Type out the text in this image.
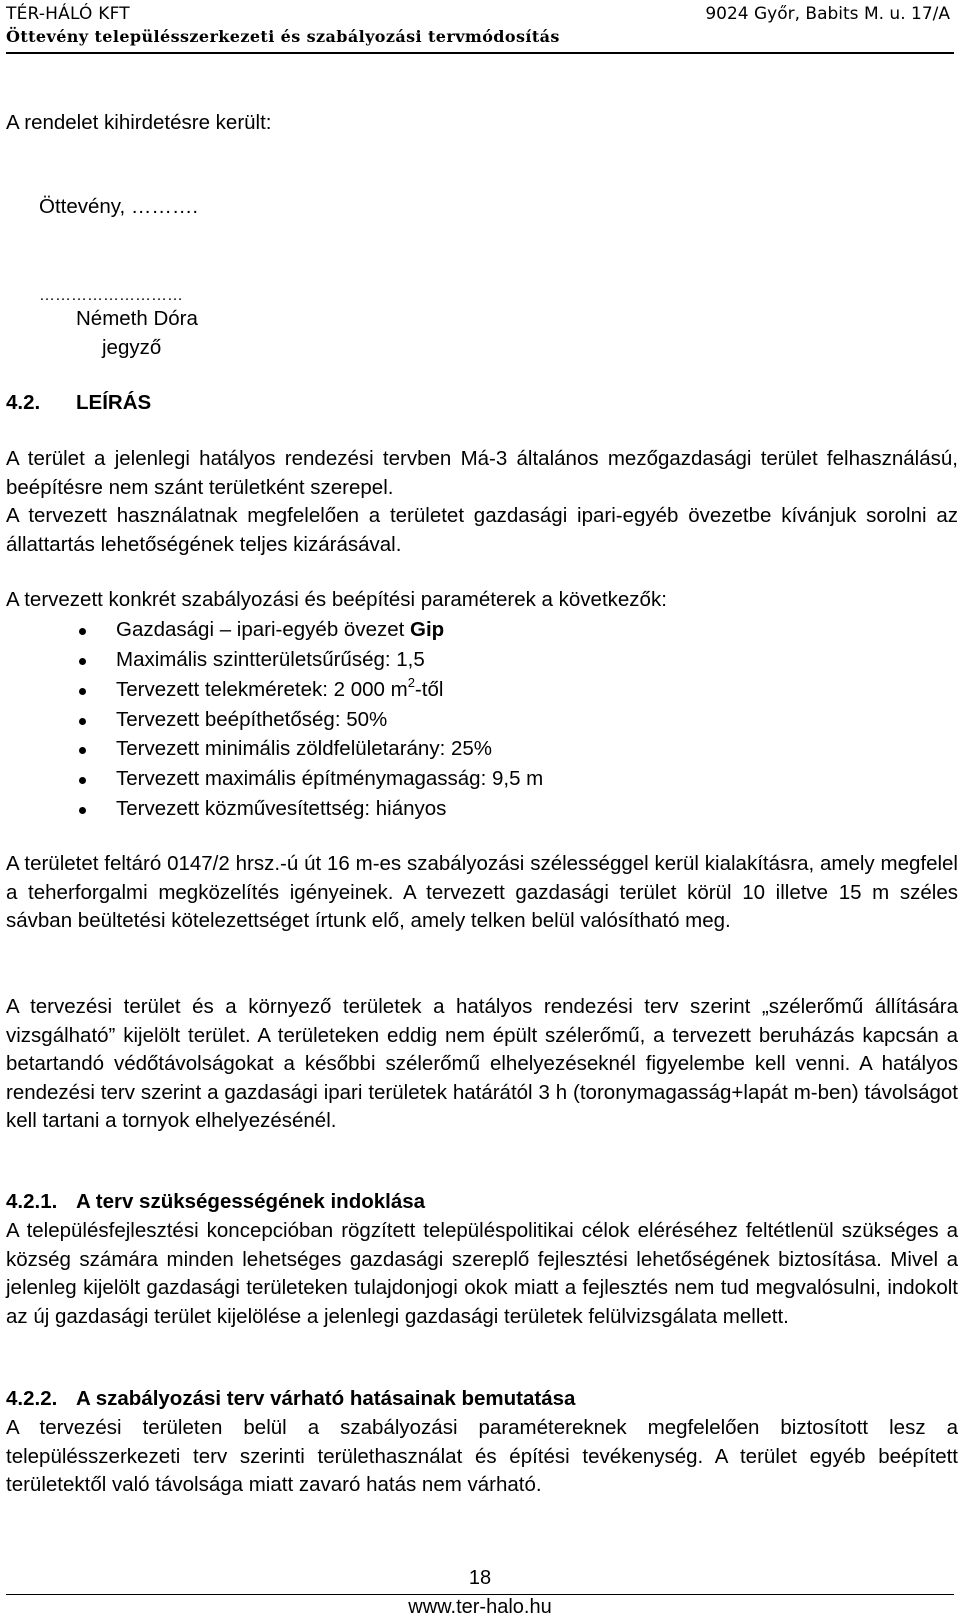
TÉR-HÁLÓ KFT	9024 Győr, Babits M. u. 17/A
Öttevény településszerkezeti és szabályozási tervmódosítás
A rendelet kihirdetésre került:
Öttevény, ……….
………………………
Németh Dóra
jegyző
4.2. LEÍRÁS
A terület a jelenlegi hatályos rendezési tervben Má-3 általános mezőgazdasági terület felhasználású, beépítésre nem szánt területként szerepel.
A tervezett használatnak megfelelően a területet gazdasági ipari-egyéb övezetbe kívánjuk sorolni az állattartás lehetőségének teljes kizárásával.
A tervezett konkrét szabályozási és beépítési paraméterek a következők:
Gazdasági – ipari-egyéb övezet Gip
Maximális szintterületsűrűség: 1,5
Tervezett telekméretek: 2 000 $m^2$-től
Tervezett beépíthetőség: 50%
Tervezett minimális zöldfelületarány: 25%
Tervezett maximális építménymagasság: 9,5 m
Tervezett közművesítettség: hiányos
A területet feltáró 0147/2 hrsz.-ú út 16 m-es szabályozási szélességgel kerül kialakításra, amely megfelel a teherforgalmi megközelítés igényeinek. A tervezett gazdasági terület körül 10 illetve 15 m széles sávban beültetési kötelezettséget írtunk elő, amely telken belül valósítható meg.
A tervezési terület és a környező területek a hatályos rendezési terv szerint „szélerőmű állítására vizsgálható” kijelölt terület. A területeken eddig nem épült szélerőmű, a tervezett beruházás kapcsán a betartandó védőtávolságokat a későbbi szélerőmű elhelyezéseknél figyelembe kell venni. A hatályos rendezési terv szerint a gazdasági ipari területek határától 3 h (toronymagasság+lapát m-ben) távolságot kell tartani a tornyok elhelyezésénél.
4.2.1. A terv szükségességének indoklása
A településfejlesztési koncepcióban rögzített településpolitikai célok eléréséhez feltétlenül szükséges a község számára minden lehetséges gazdasági szereplő fejlesztési lehetőségének biztosítása. Mivel a jelenleg kijelölt gazdasági területeken tulajdonjogi okok miatt a fejlesztés nem tud megvalósulni, indokolt az új gazdasági terület kijelölése a jelenlegi gazdasági területek felülvizsgálata mellett.
4.2.2. A szabályozási terv várható hatásainak bemutatása
A tervezési területen belül a szabályozási paramétereknek megfelelően biztosított lesz a településszerkezeti terv szerinti területhasználat és építési tevékenység. A terület egyéb beépített területektől való távolsága miatt zavaró hatás nem várható.
18
www.ter-halo.hu
